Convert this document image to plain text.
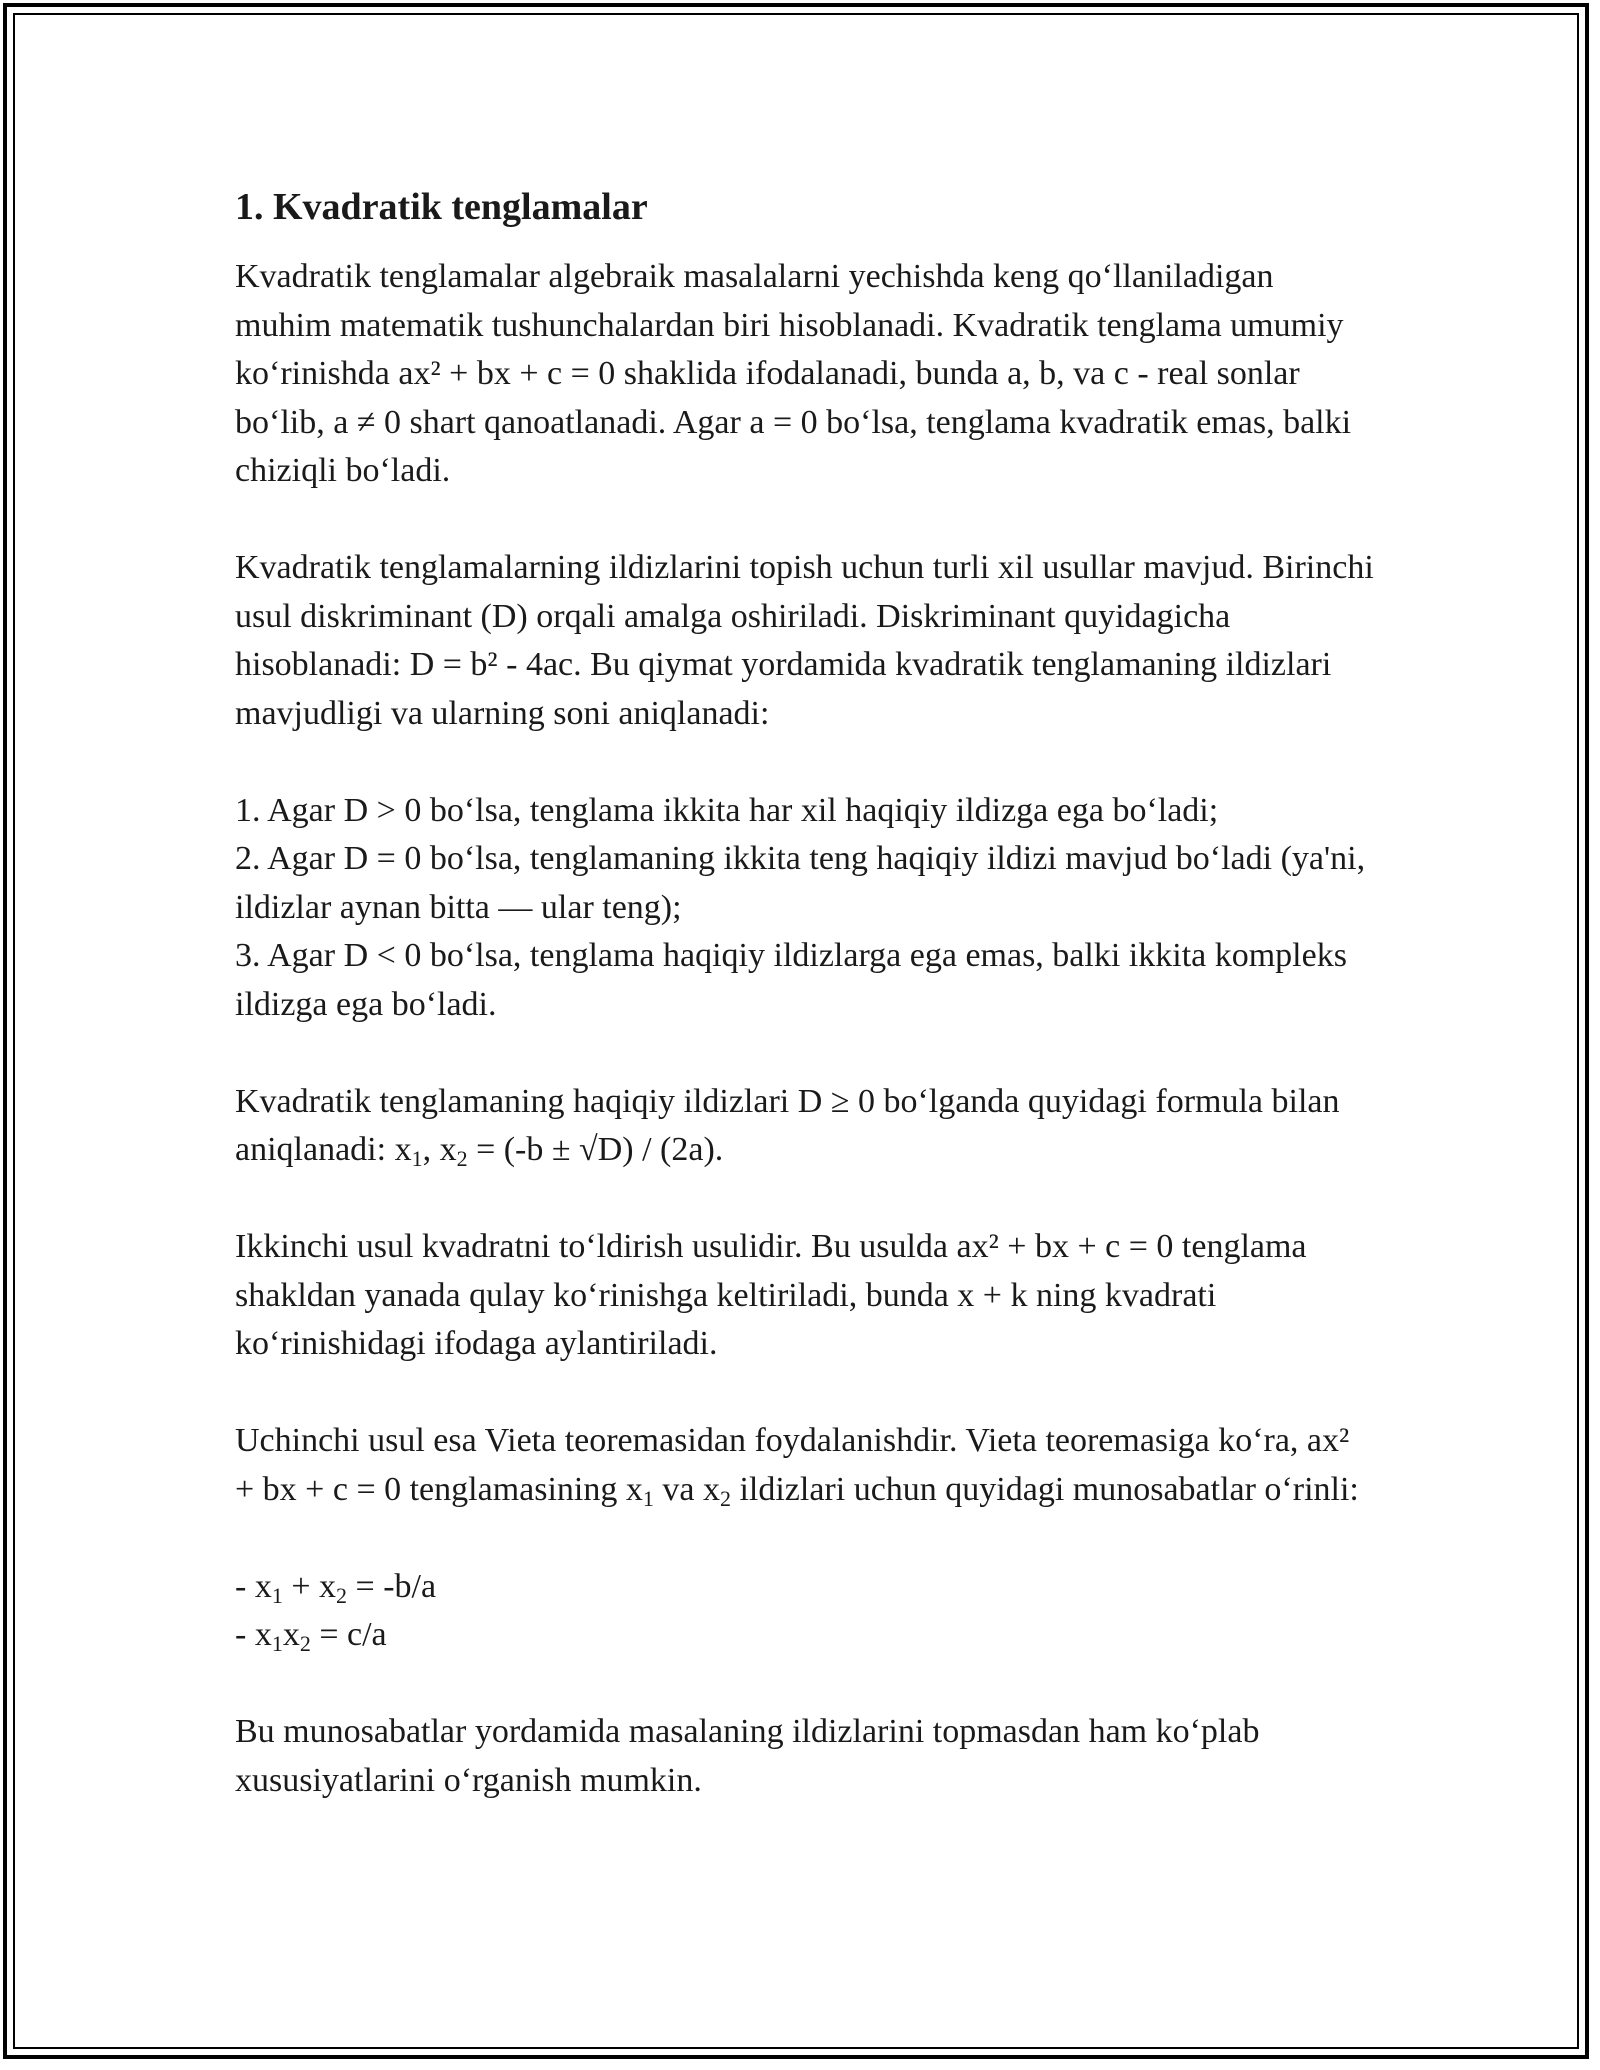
1. Kvadratik tenglamalar

Kvadratik tenglamalar algebraik masalalarni yechishda keng qo‘llaniladigan muhim matematik tushunchalardan biri hisoblanadi. Kvadratik tenglama umumiy ko‘rinishda ax² + bx + c = 0 shaklida ifodalanadi, bunda a, b, va c - real sonlar bo‘lib, a ≠ 0 shart qanoatlanadi. Agar a = 0 bo‘lsa, tenglama kvadratik emas, balki chiziqli bo‘ladi.

Kvadratik tenglamalarning ildizlarini topish uchun turli xil usullar mavjud. Birinchi usul diskriminant (D) orqali amalga oshiriladi. Diskriminant quyidagicha hisoblanadi: D = b² - 4ac. Bu qiymat yordamida kvadratik tenglamaning ildizlari mavjudligi va ularning soni aniqlanadi:

1. Agar D > 0 bo‘lsa, tenglama ikkita har xil haqiqiy ildizga ega bo‘ladi;
2. Agar D = 0 bo‘lsa, tenglamaning ikkita teng haqiqiy ildizi mavjud bo‘ladi (ya'ni, ildizlar aynan bitta — ular teng);
3. Agar D < 0 bo‘lsa, tenglama haqiqiy ildizlarga ega emas, balki ikkita kompleks ildizga ega bo‘ladi.

Kvadratik tenglamaning haqiqiy ildizlari D ≥ 0 bo‘lganda quyidagi formula bilan aniqlanadi: $x_1$, $x_2 = (-b \pm √D) / (2a)$.

Ikkinchi usul kvadratni to‘ldirish usulidir. Bu usulda ax² + bx + c = 0 tenglama shakldan yanada qulay ko‘rinishga keltiriladi, bunda x + k ning kvadrati ko‘rinishidagi ifodaga aylantiriladi.

Uchinchi usul esa Vieta teoremasidan foydalanishdir. Vieta teoremasiga ko‘ra, ax² + bx + c = 0 tenglamasining $x_1$ va $x_2$ ildizlari uchun quyidagi munosabatlar o‘rinli:

- $x_1 + x_2 = -b/a$
- $x_1x_2 = c/a$

Bu munosabatlar yordamida masalaning ildizlarini topmasdan ham ko‘plab xususiyatlarini o‘rganish mumkin.
